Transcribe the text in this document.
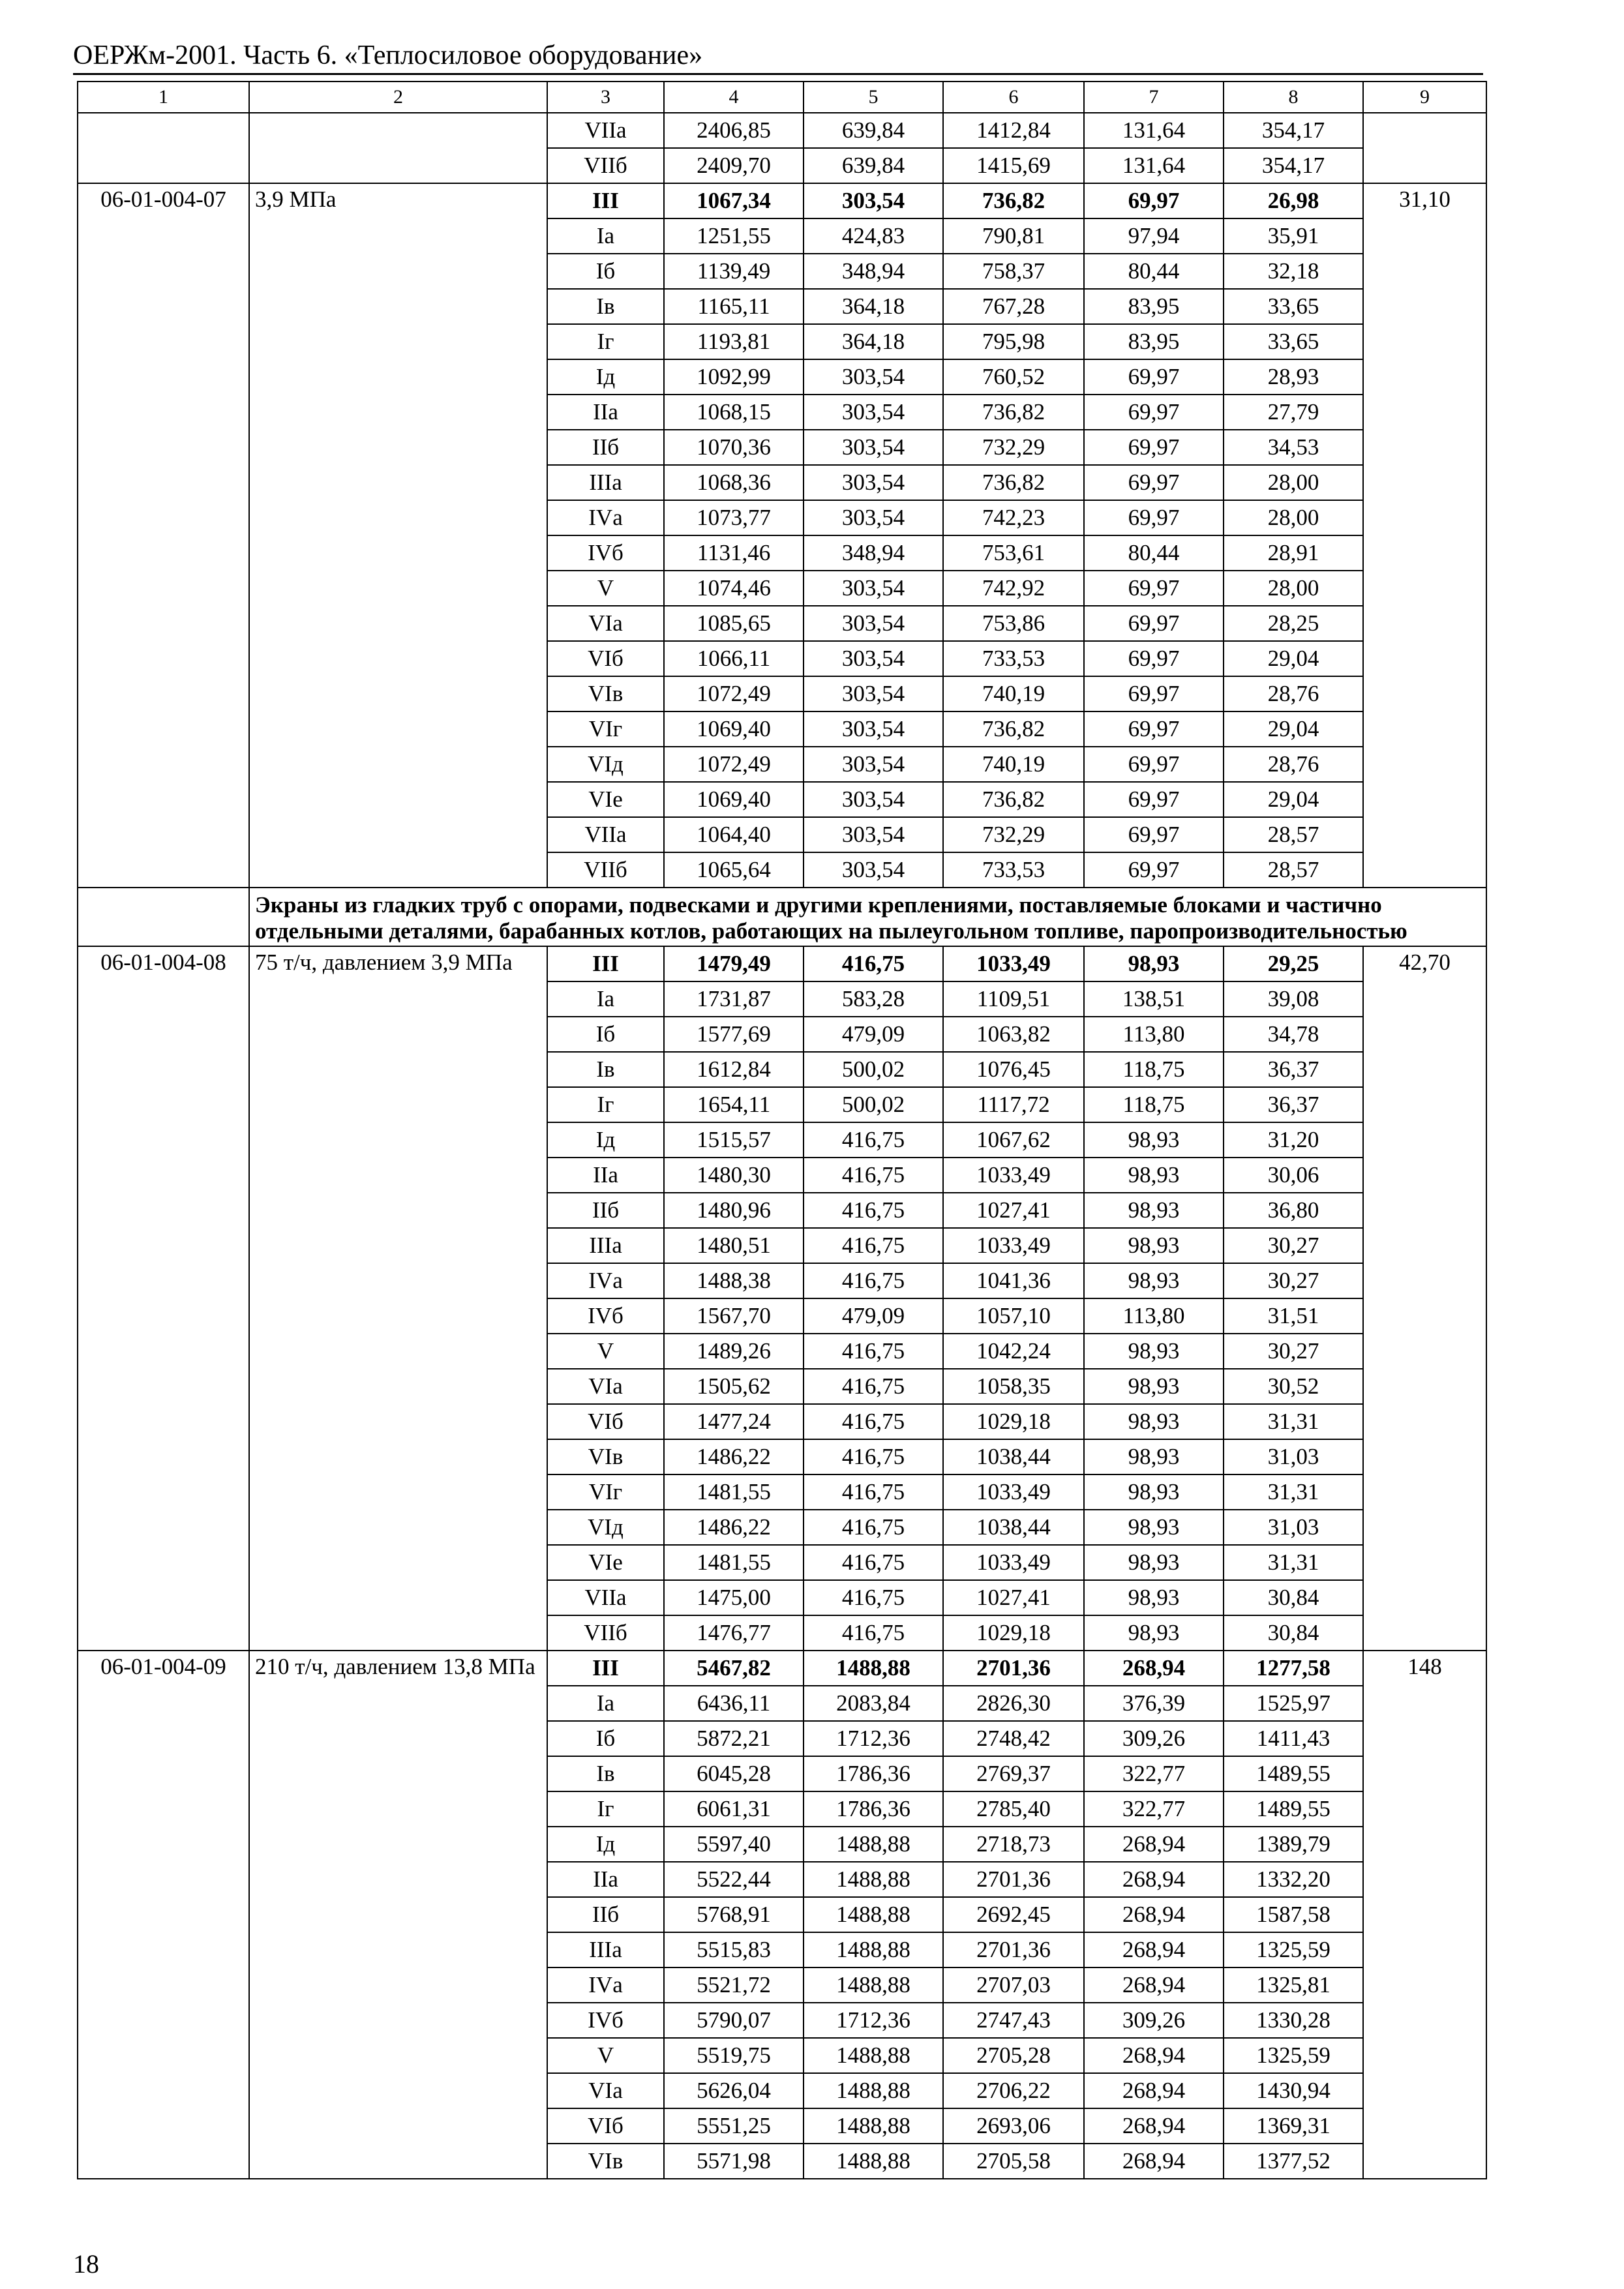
ОЕРЖм-2001. Часть 6. «Теплосиловое оборудование»
1	2	3	4	5	6	7	8	9
		VIIа	2406,85	639,84	1412,84	131,64	354,17	
		VIIб	2409,70	639,84	1415,69	131,64	354,17	
06-01-004-07	3,9 МПа	III	1067,34	303,54	736,82	69,97	26,98	31,10
		Iа	1251,55	424,83	790,81	97,94	35,91	
		Iб	1139,49	348,94	758,37	80,44	32,18	
		Iв	1165,11	364,18	767,28	83,95	33,65	
		Iг	1193,81	364,18	795,98	83,95	33,65	
		Iд	1092,99	303,54	760,52	69,97	28,93	
		IIа	1068,15	303,54	736,82	69,97	27,79	
		IIб	1070,36	303,54	732,29	69,97	34,53	
		IIIа	1068,36	303,54	736,82	69,97	28,00	
		IVа	1073,77	303,54	742,23	69,97	28,00	
		IVб	1131,46	348,94	753,61	80,44	28,91	
		V	1074,46	303,54	742,92	69,97	28,00	
		VIа	1085,65	303,54	753,86	69,97	28,25	
		VIб	1066,11	303,54	733,53	69,97	29,04	
		VIв	1072,49	303,54	740,19	69,97	28,76	
		VIг	1069,40	303,54	736,82	69,97	29,04	
		VIд	1072,49	303,54	740,19	69,97	28,76	
		VIе	1069,40	303,54	736,82	69,97	29,04	
		VIIа	1064,40	303,54	732,29	69,97	28,57	
		VIIб	1065,64	303,54	733,53	69,97	28,57	
	Экраны из гладких труб с опорами, подвесками и другими креплениями, поставляемые блоками и частично отдельными деталями, барабанных котлов, работающих на пылеугольном топливе, паропроизводительностью							
06-01-004-08	75 т/ч, давлением 3,9 МПа	III	1479,49	416,75	1033,49	98,93	29,25	42,70
		Iа	1731,87	583,28	1109,51	138,51	39,08	
		Iб	1577,69	479,09	1063,82	113,80	34,78	
		Iв	1612,84	500,02	1076,45	118,75	36,37	
		Iг	1654,11	500,02	1117,72	118,75	36,37	
		Iд	1515,57	416,75	1067,62	98,93	31,20	
		IIа	1480,30	416,75	1033,49	98,93	30,06	
		IIб	1480,96	416,75	1027,41	98,93	36,80	
		IIIа	1480,51	416,75	1033,49	98,93	30,27	
		IVа	1488,38	416,75	1041,36	98,93	30,27	
		IVб	1567,70	479,09	1057,10	113,80	31,51	
		V	1489,26	416,75	1042,24	98,93	30,27	
		VIа	1505,62	416,75	1058,35	98,93	30,52	
		VIб	1477,24	416,75	1029,18	98,93	31,31	
		VIв	1486,22	416,75	1038,44	98,93	31,03	
		VIг	1481,55	416,75	1033,49	98,93	31,31	
		VIд	1486,22	416,75	1038,44	98,93	31,03	
		VIе	1481,55	416,75	1033,49	98,93	31,31	
		VIIа	1475,00	416,75	1027,41	98,93	30,84	
		VIIб	1476,77	416,75	1029,18	98,93	30,84	
06-01-004-09	210 т/ч, давлением 13,8 МПа	III	5467,82	1488,88	2701,36	268,94	1277,58	148
		Iа	6436,11	2083,84	2826,30	376,39	1525,97	
		Iб	5872,21	1712,36	2748,42	309,26	1411,43	
		Iв	6045,28	1786,36	2769,37	322,77	1489,55	
		Iг	6061,31	1786,36	2785,40	322,77	1489,55	
		Iд	5597,40	1488,88	2718,73	268,94	1389,79	
		IIа	5522,44	1488,88	2701,36	268,94	1332,20	
		IIб	5768,91	1488,88	2692,45	268,94	1587,58	
		IIIа	5515,83	1488,88	2701,36	268,94	1325,59	
		IVа	5521,72	1488,88	2707,03	268,94	1325,81	
		IVб	5790,07	1712,36	2747,43	309,26	1330,28	
		V	5519,75	1488,88	2705,28	268,94	1325,59	
		VIа	5626,04	1488,88	2706,22	268,94	1430,94	
		VIб	5551,25	1488,88	2693,06	268,94	1369,31	
		VIв	5571,98	1488,88	2705,58	268,94	1377,52	
18
